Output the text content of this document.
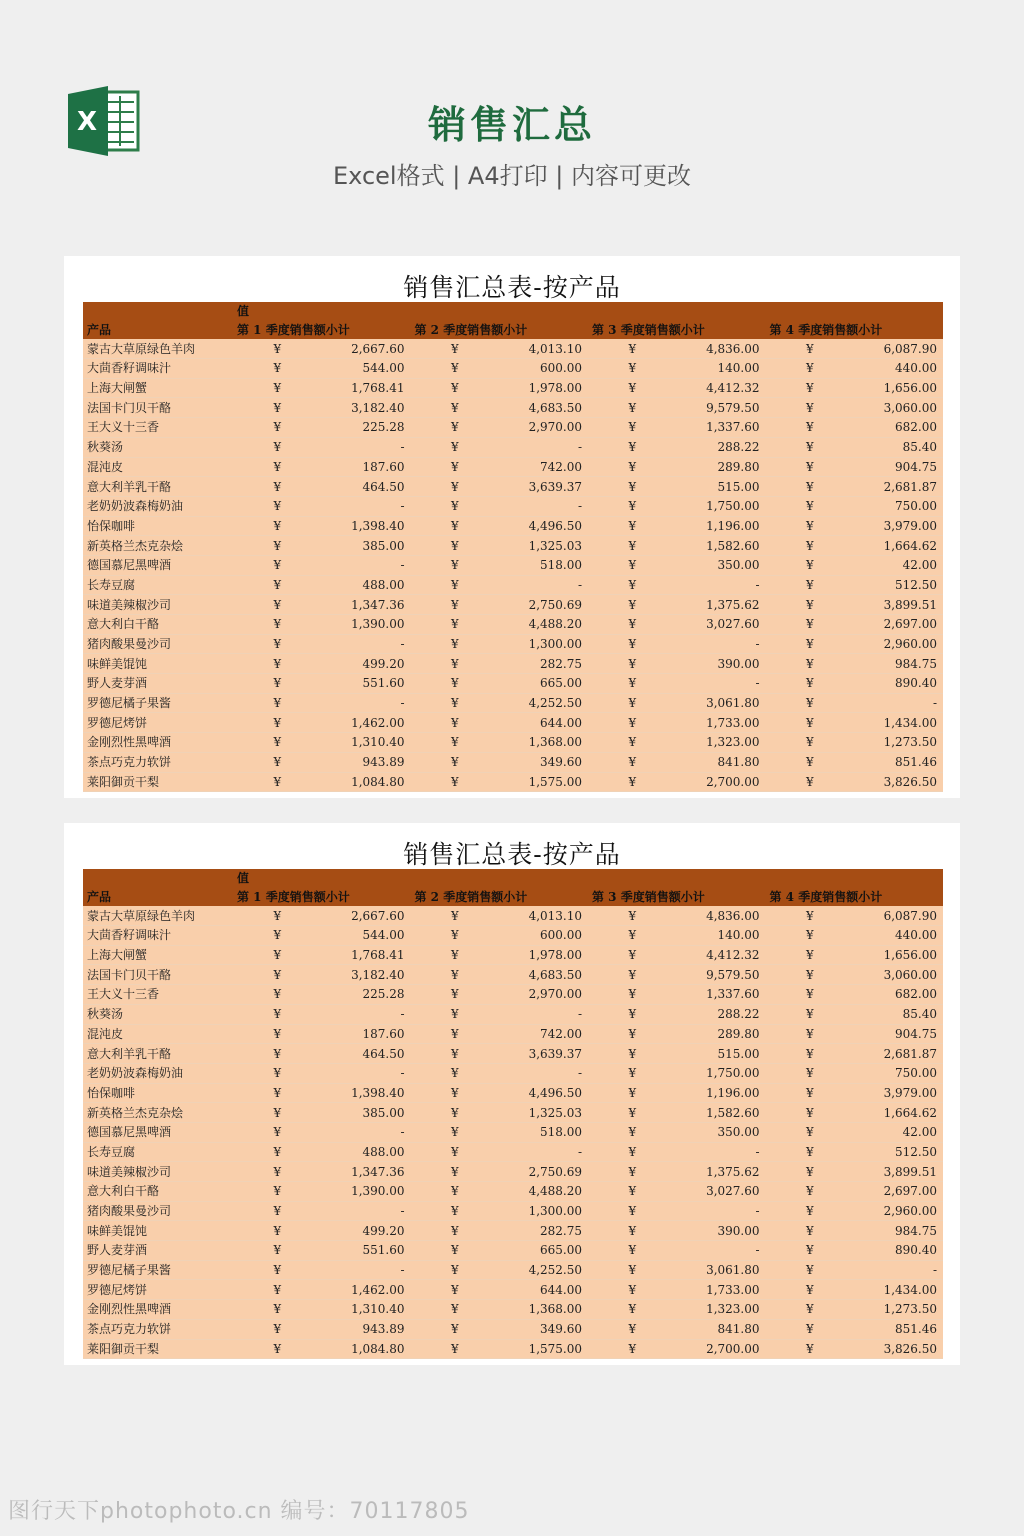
X	销售汇总
Excel格式 | A4打印 | 内容可更改
销售汇总表-按产品
	值							
产品	第 1 季度销售额小计		第 2 季度销售额小计		第 3 季度销售额小计		第 4 季度销售额小计	
蒙古大草原绿色羊肉	¥	2,667.60	¥	4,013.10	¥	4,836.00	¥	6,087.90
大茴香籽调味汁	¥	544.00	¥	600.00	¥	140.00	¥	440.00
上海大闸蟹	¥	1,768.41	¥	1,978.00	¥	4,412.32	¥	1,656.00
法国卡门贝干酪	¥	3,182.40	¥	4,683.50	¥	9,579.50	¥	3,060.00
王大义十三香	¥	225.28	¥	2,970.00	¥	1,337.60	¥	682.00
秋葵汤	¥	-	¥	-	¥	288.22	¥	85.40
混沌皮	¥	187.60	¥	742.00	¥	289.80	¥	904.75
意大利羊乳干酪	¥	464.50	¥	3,639.37	¥	515.00	¥	2,681.87
老奶奶波森梅奶油	¥	-	¥	-	¥	1,750.00	¥	750.00
怡保咖啡	¥	1,398.40	¥	4,496.50	¥	1,196.00	¥	3,979.00
新英格兰杰克杂烩	¥	385.00	¥	1,325.03	¥	1,582.60	¥	1,664.62
德国慕尼黑啤酒	¥	-	¥	518.00	¥	350.00	¥	42.00
长寿豆腐	¥	488.00	¥	-	¥	-	¥	512.50
味道美辣椒沙司	¥	1,347.36	¥	2,750.69	¥	1,375.62	¥	3,899.51
意大利白干酪	¥	1,390.00	¥	4,488.20	¥	3,027.60	¥	2,697.00
猪肉酸果曼沙司	¥	-	¥	1,300.00	¥	-	¥	2,960.00
味鲜美馄饨	¥	499.20	¥	282.75	¥	390.00	¥	984.75
野人麦芽酒	¥	551.60	¥	665.00	¥	-	¥	890.40
罗德尼橘子果酱	¥	-	¥	4,252.50	¥	3,061.80	¥	-
罗德尼烤饼	¥	1,462.00	¥	644.00	¥	1,733.00	¥	1,434.00
金刚烈性黑啤酒	¥	1,310.40	¥	1,368.00	¥	1,323.00	¥	1,273.50
茶点巧克力软饼	¥	943.89	¥	349.60	¥	841.80	¥	851.46
莱阳御贡干梨	¥	1,084.80	¥	1,575.00	¥	2,700.00	¥	3,826.50
销售汇总表-按产品
	值							
产品	第 1 季度销售额小计		第 2 季度销售额小计		第 3 季度销售额小计		第 4 季度销售额小计	
蒙古大草原绿色羊肉	¥	2,667.60	¥	4,013.10	¥	4,836.00	¥	6,087.90
大茴香籽调味汁	¥	544.00	¥	600.00	¥	140.00	¥	440.00
上海大闸蟹	¥	1,768.41	¥	1,978.00	¥	4,412.32	¥	1,656.00
法国卡门贝干酪	¥	3,182.40	¥	4,683.50	¥	9,579.50	¥	3,060.00
王大义十三香	¥	225.28	¥	2,970.00	¥	1,337.60	¥	682.00
秋葵汤	¥	-	¥	-	¥	288.22	¥	85.40
混沌皮	¥	187.60	¥	742.00	¥	289.80	¥	904.75
意大利羊乳干酪	¥	464.50	¥	3,639.37	¥	515.00	¥	2,681.87
老奶奶波森梅奶油	¥	-	¥	-	¥	1,750.00	¥	750.00
怡保咖啡	¥	1,398.40	¥	4,496.50	¥	1,196.00	¥	3,979.00
新英格兰杰克杂烩	¥	385.00	¥	1,325.03	¥	1,582.60	¥	1,664.62
德国慕尼黑啤酒	¥	-	¥	518.00	¥	350.00	¥	42.00
长寿豆腐	¥	488.00	¥	-	¥	-	¥	512.50
味道美辣椒沙司	¥	1,347.36	¥	2,750.69	¥	1,375.62	¥	3,899.51
意大利白干酪	¥	1,390.00	¥	4,488.20	¥	3,027.60	¥	2,697.00
猪肉酸果曼沙司	¥	-	¥	1,300.00	¥	-	¥	2,960.00
味鲜美馄饨	¥	499.20	¥	282.75	¥	390.00	¥	984.75
野人麦芽酒	¥	551.60	¥	665.00	¥	-	¥	890.40
罗德尼橘子果酱	¥	-	¥	4,252.50	¥	3,061.80	¥	-
罗德尼烤饼	¥	1,462.00	¥	644.00	¥	1,733.00	¥	1,434.00
金刚烈性黑啤酒	¥	1,310.40	¥	1,368.00	¥	1,323.00	¥	1,273.50
茶点巧克力软饼	¥	943.89	¥	349.60	¥	841.80	¥	851.46
莱阳御贡干梨	¥	1,084.80	¥	1,575.00	¥	2,700.00	¥	3,826.50
图行天下photophoto.cn 编号：70117805
